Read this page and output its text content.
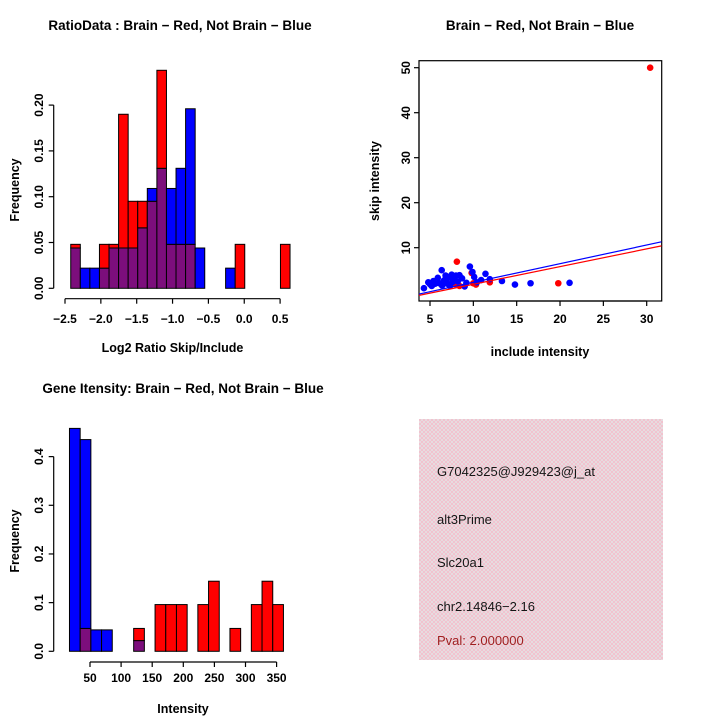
0.00
0.05
0.10
0.15
0.20
−2.5 −2.0 −1.5 −1.0 −0.5 0.0 0.5	5	10 15 20 25 30
10
20
30
40
50
0.0
0.1
0.2
0.3
0.4
50 100 150 200 250 300 350
RatioData : Brain − Red, Not Brain − Blue	Brain − Red, Not Brain − Blue
Gene Itensity: Brain − Red, Not Brain − Blue
Log2 Ratio Skip/Include
Frequency
include intensity
skip intensity
Intensity
Frequency
G7042325@J929423@j_at
alt3Prime
Slc20a1
chr2.14846−2.16
Pval: 2.000000
